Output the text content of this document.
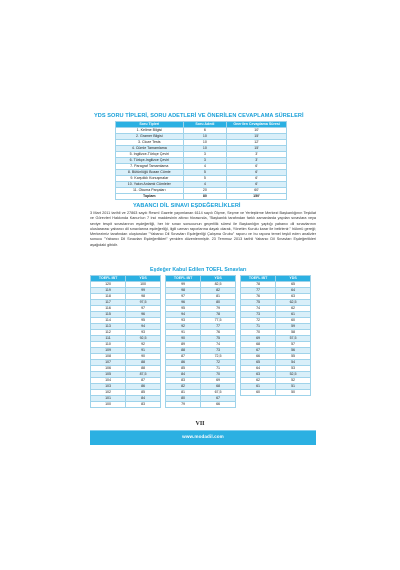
YDS SORU TİPLERİ, SORU ADETLERİ VE ÖNERİLEN CEVAPLAMA SÜRELERİ
Soru Tipleri	Soru Adedi	Önerilen Cevaplama Süresi
1. Kelime Bilgisi	6	10'
2. Gramer Bilgisi	10	15'
3. Cloze Tests	10	12'
4. Cümle Tamamlama	10	15'
5. İngilizce-Türkçe Çeviri	3	3'
6. Türkçe-İngilizce Çeviri	3	3'
7. Paragraf Tamamlama	4	6'
8. Bütünlüğü Bozan Cümle	5	6'
9. Karşılıklı Konuşmalar	5	6'
10. Yakın Anlamlı Cümleler	4	6'
11. Okuma Parçaları	20	60'
Toplam	80	150'
YABANCI DİL SINAVI EŞDEĞERLİKLERİ

3 Mart 2011 tarihli ve 27863 sayılı Resmî Gazete yayımlanan 6114 sayılı Ölçme, Seçme ve Yerleştirme Merkezi Başkanlığının Teşkilat ve Görevleri Hakkında Kanun'un 7 inci maddesinin altıncı fıkrasında, "Başkanlık tarafından farklı zamanlarda yapılan sınavlara veya seviye tespit sınavlarının eşdeğerliği, her bir sınav sonucunun geçerlilik süresi ile Başkanlığın yaptığı yabancı dil sınavlarının uluslararası yabancı dil sınavlarına eşdeğerliği, ilgili uzman raporlarına dayalı olarak, Yönetim Kurulu karar ile belirlenir." hükmü gereği; Merkezimiz tarafından oluşturulan "Yabancı Dil Sınavları Eşdeğerliği Çalışma Grubu" raporu ve bu rapora temel teşkil eden analizler sonucu "Yabancı Dil Sınavları Eşdeğerlikleri" yeniden düzenlenmiştir. 23 Temmuz 2013 tarihli Yabancı Dil Sınavları Eşdeğerlikleri aşağıdaki gibidir.

Eşdeğer Kabul Edilen TOEFL Sınavları
TOEFL IBT	YDS
120	100
119	99
118	98
117	97,5
116	97
115	96
114	95
113	94
112	93
111	92,5
110	92
109	91
108	90
107	88
106	88
105	87,5
104	87
103	86
102	85
101	84
100	83
TOEFL IBT	YDS
99	82,5
98	82
97	81
96	80
95	79
94	78
93	77,5
92	77
91	76
90	75
89	74
88	73
87	72,5
86	72
85	71
84	70
83	69
82	68
81	67,5
80	67
79	66
TOEFL IBT	YDS
78	65
77	64
76	63
75	62,5
74	62
73	61
72	60
71	59
70	58
69	57,5
68	57
67	56
66	55
65	54
64	53
63	52,5
62	52
61	51
60	50
VII
www.modadil.com
